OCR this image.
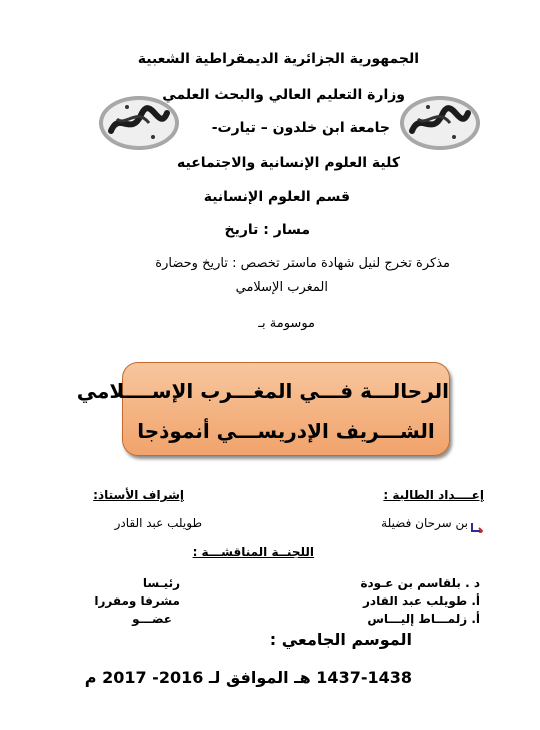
الجمهورية الجزائرية الديمقراطية الشعبية
وزارة التعليم العالي والبحث العلمي
جامعة ابن خلدون – تيارت-
كلية العلوم الإنسانية والاجتماعيه
قسم العلوم الإنسانية
مسار : تاريخ
مذكرة تخرج لنيل شهادة ماستر تخصص : تاريخ وحضارة
المغرب الإسلامي
موسومة بـ
الرحالـــة فـــي المغـــرب الإســــلامي
الشـــريف الإدريســـي أنموذجا
إعــــداد الطالبة :
إشراف الأستاذ:
بن سرحان فضيلة
طويلب عبد القادر
اللجنــة المناقشـــة :
د . بلقاسم بن عـودة
رئيـسا
أ. طويلب عبد القادر
مشرفا ومقررا
أ. زلمـــاط إليـــاس
عضـــو
الموسم الجامعي :
1437-1438 هـ الموافق لـ 2016- 2017 م
